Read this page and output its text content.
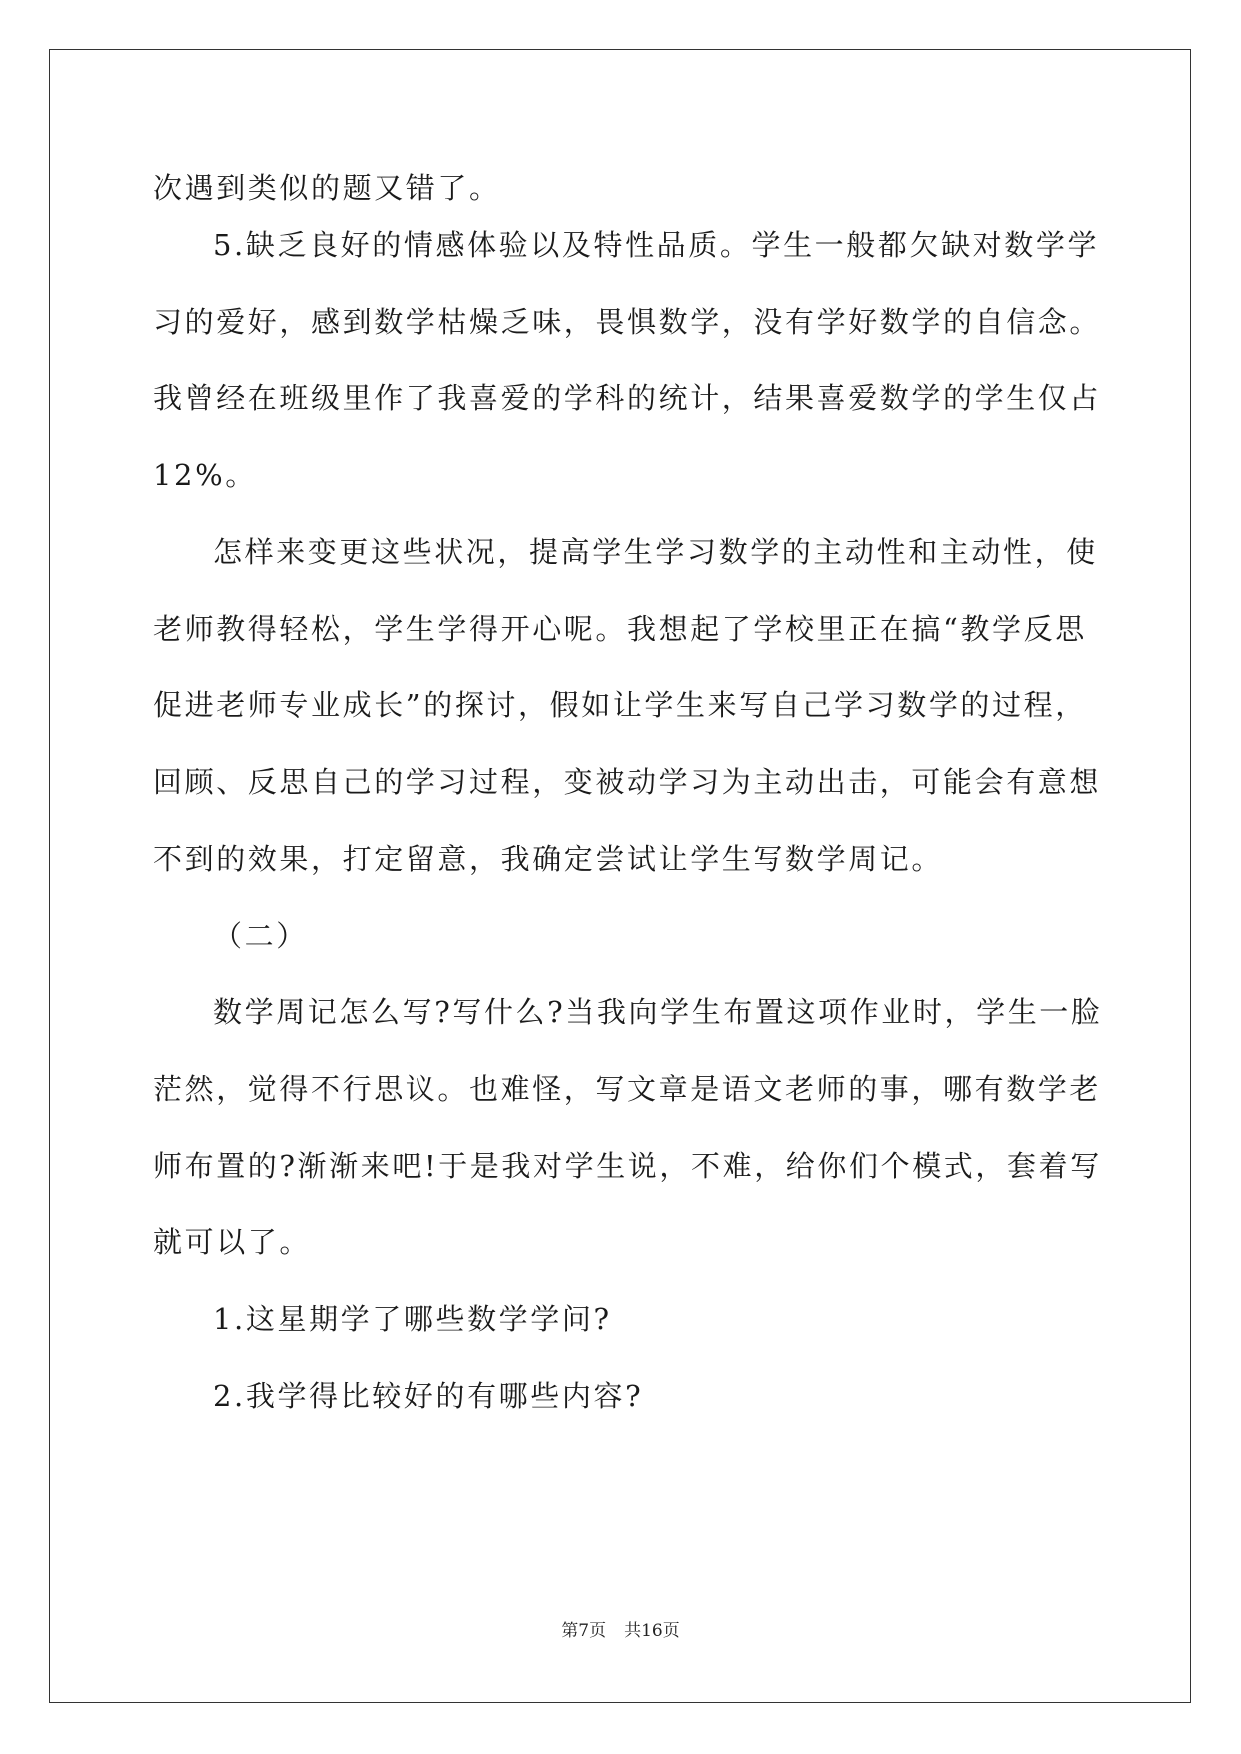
次遇到类似的题又错了。
5.缺乏良好的情感体验以及特性品质。学生一般都欠缺对数学学
习的爱好，感到数学枯燥乏味，畏惧数学，没有学好数学的自信念。
我曾经在班级里作了我喜爱的学科的统计，结果喜爱数学的学生仅占
12%。
怎样来变更这些状况，提高学生学习数学的主动性和主动性，使
老师教得轻松，学生学得开心呢。我想起了学校里正在搞“教学反思
促进老师专业成长”的探讨，假如让学生来写自己学习数学的过程，
回顾、反思自己的学习过程，变被动学习为主动出击，可能会有意想
不到的效果，打定留意，我确定尝试让学生写数学周记。
（二）
数学周记怎么写?写什么?当我向学生布置这项作业时，学生一脸
茫然，觉得不行思议。也难怪，写文章是语文老师的事，哪有数学老
师布置的?渐渐来吧!于是我对学生说，不难，给你们个模式，套着写
就可以了。
1.这星期学了哪些数学学问?
2.我学得比较好的有哪些内容?
第7页 共16页
